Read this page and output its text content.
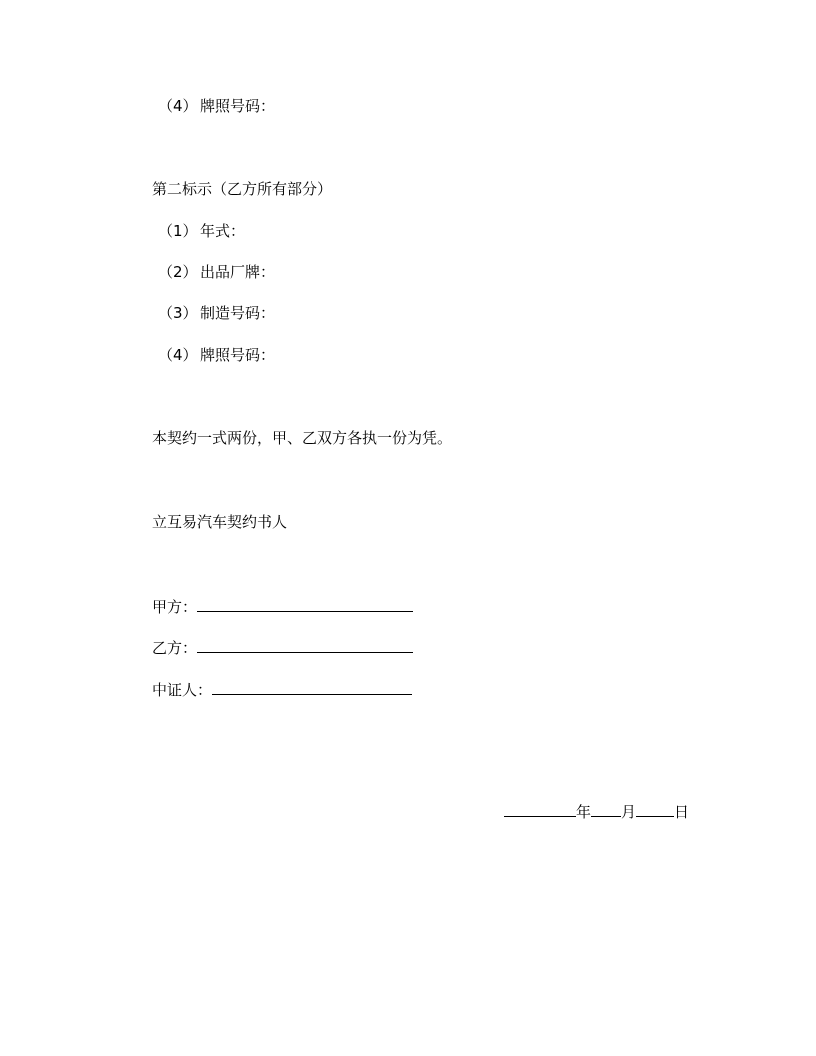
（4） 牌照号码：
第二标示（乙方所有部分）
（1） 年式：
（2） 出品厂牌：
（3） 制造号码：
（4） 牌照号码：
本契约一式两份，甲、乙双方各执一份为凭。
立互易汽车契约书人
甲方：
乙方：
中证人：
年 月	日
